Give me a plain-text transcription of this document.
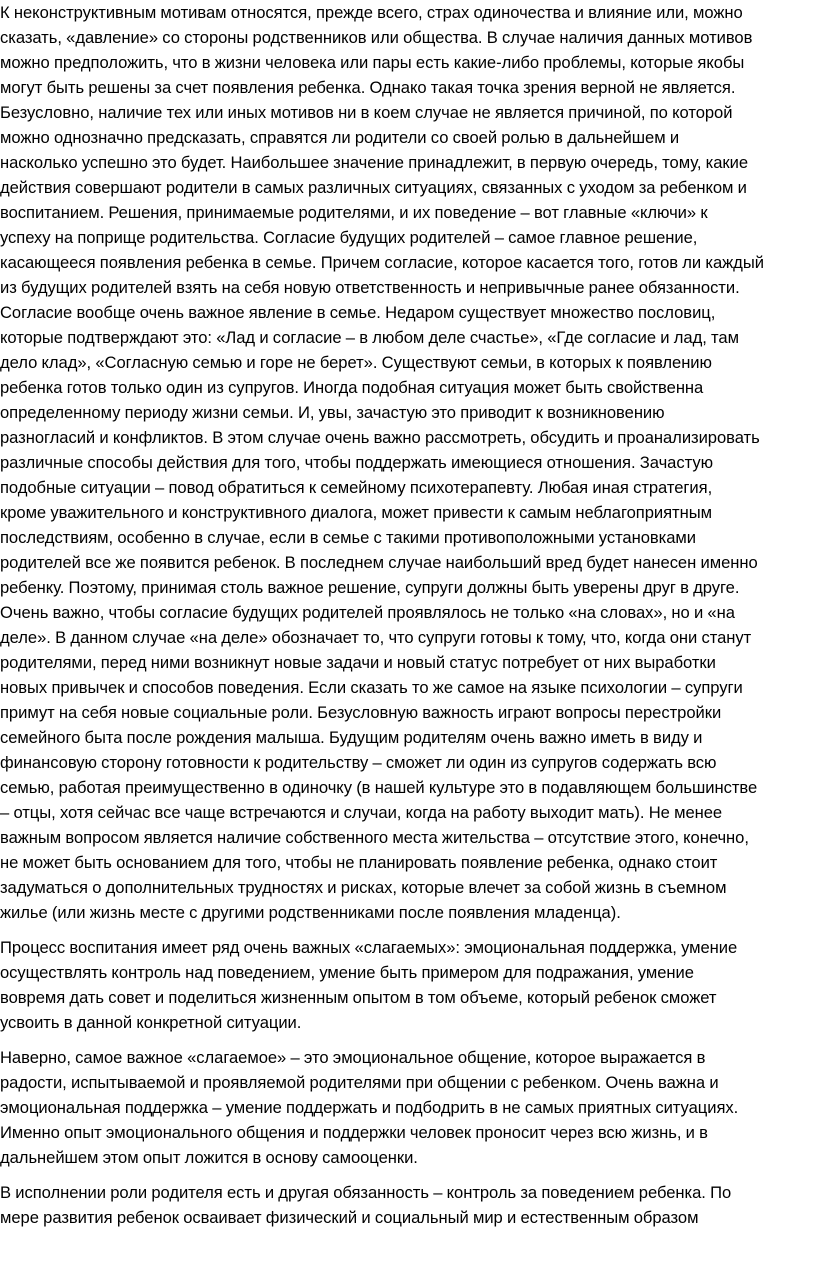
К неконструктивным мотивам относятся, прежде всего, страх одиночества и влияние или, можно
сказать, «давление» со стороны родственников или общества. В случае наличия данных мотивов
можно предположить, что в жизни человека или пары есть какие-либо проблемы, которые якобы
могут быть решены за счет появления ребенка. Однако такая точка зрения верной не является.
Безусловно, наличие тех или иных мотивов ни в коем случае не является причиной, по которой
можно однозначно предсказать, справятся ли родители со своей ролью в дальнейшем и
насколько успешно это будет. Наибольшее значение принадлежит, в первую очередь, тому, какие
действия совершают родители в самых различных ситуациях, связанных с уходом за ребенком и
воспитанием. Решения, принимаемые родителями, и их поведение – вот главные «ключи» к
успеху на поприще родительства. Согласие будущих родителей – самое главное решение,
касающееся появления ребенка в семье. Причем согласие, которое касается того, готов ли каждый
из будущих родителей взять на себя новую ответственность и непривычные ранее обязанности.
Согласие вообще очень важное явление в семье. Недаром существует множество пословиц,
которые подтверждают это: «Лад и согласие – в любом деле счастье», «Где согласие и лад, там
дело клад», «Согласную семью и горе не берет». Существуют семьи, в которых к появлению
ребенка готов только один из супругов. Иногда подобная ситуация может быть свойственна
определенному периоду жизни семьи. И, увы, зачастую это приводит к возникновению
разногласий и конфликтов. В этом случае очень важно рассмотреть, обсудить и проанализировать
различные способы действия для того, чтобы поддержать имеющиеся отношения. Зачастую
подобные ситуации – повод обратиться к семейному психотерапевту. Любая иная стратегия,
кроме уважительного и конструктивного диалога, может привести к самым неблагоприятным
последствиям, особенно в случае, если в семье с такими противоположными установками
родителей все же появится ребенок. В последнем случае наибольший вред будет нанесен именно
ребенку. Поэтому, принимая столь важное решение, супруги должны быть уверены друг в друге.
Очень важно, чтобы согласие будущих родителей проявлялось не только «на словах», но и «на
деле». В данном случае «на деле» обозначает то, что супруги готовы к тому, что, когда они станут
родителями, перед ними возникнут новые задачи и новый статус потребует от них выработки
новых привычек и способов поведения. Если сказать то же самое на языке психологии – супруги
примут на себя новые социальные роли. Безусловную важность играют вопросы перестройки
семейного быта после рождения малыша. Будущим родителям очень важно иметь в виду и
финансовую сторону готовности к родительству – сможет ли один из супругов содержать всю
семью, работая преимущественно в одиночку (в нашей культуре это в подавляющем большинстве
– отцы, хотя сейчас все чаще встречаются и случаи, когда на работу выходит мать). Не менее
важным вопросом является наличие собственного места жительства – отсутствие этого, конечно,
не может быть основанием для того, чтобы не планировать появление ребенка, однако стоит
задуматься о дополнительных трудностях и рисках, которые влечет за собой жизнь в съемном
жилье (или жизнь месте с другими родственниками после появления младенца).

Процесс воспитания имеет ряд очень важных «слагаемых»: эмоциональная поддержка, умение
осуществлять контроль над поведением, умение быть примером для подражания, умение
вовремя дать совет и поделиться жизненным опытом в том объеме, который ребенок сможет
усвоить в данной конкретной ситуации.

Наверно, самое важное «слагаемое» – это эмоциональное общение, которое выражается в
радости, испытываемой и проявляемой родителями при общении с ребенком. Очень важна и
эмоциональная поддержка – умение поддержать и подбодрить в не самых приятных ситуациях.
Именно опыт эмоционального общения и поддержки человек проносит через всю жизнь, и в
дальнейшем этом опыт ложится в основу самооценки.

В исполнении роли родителя есть и другая обязанность – контроль за поведением ребенка. По
мере развития ребенок осваивает физический и социальный мир и естественным образом
